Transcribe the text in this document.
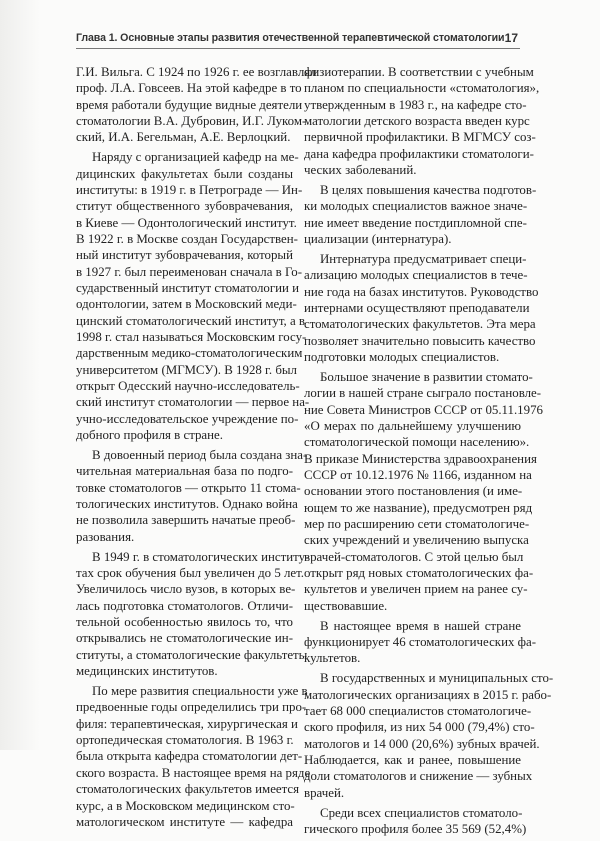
Глава 1. Основные этапы развития отечественной терапевтической стоматологии 17
Г.И. Вильга. С 1924 по 1926 г. ее возглавлял
проф. Л.А. Говсеев. На этой кафедре в то
время работали будущие видные деятели
стоматологии В.А. Дубровин, И.Г. Луком-
ский, И.А. Бегельман, А.Е. Верлоцкий.
Наряду с организацией кафедр на ме-
дицинских факультетах были созданы
институты: в 1919 г. в Петрограде — Ин-
ститут общественного зубоврачевания,
в Киеве — Одонтологический институт.
В 1922 г. в Москве создан Государствен-
ный институт зубоврачевания, который
в 1927 г. был переименован сначала в Го-
сударственный институт стоматологии и
одонтологии, затем в Московский меди-
цинский стоматологический институт, а в
1998 г. стал называться Московским госу-
дарственным медико-стоматологическим
университетом (МГМСУ). В 1928 г. был
открыт Одесский научно-исследователь-
ский институт стоматологии — первое на-
учно-исследовательское учреждение по-
добного профиля в стране.
В довоенный период была создана зна-
чительная материальная база по подго-
товке стоматологов — открыто 11 стома-
тологических институтов. Однако война
не позволила завершить начатые преоб-
разования.
В 1949 г. в стоматологических институ-
тах срок обучения был увеличен до 5 лет.
Увеличилось число вузов, в которых ве-
лась подготовка стоматологов. Отличи-
тельной особенностью явилось то, что
открывались не стоматологические ин-
ституты, а стоматологические факультеты
медицинских институтов.
По мере развития специальности уже в
предвоенные годы определились три про-
филя: терапевтическая, хирургическая и
ортопедическая стоматология. В 1963 г.
была открыта кафедра стоматологии дет-
ского возраста. В настоящее время на ряде
стоматологических факультетов имеется
курс, а в Московском медицинском сто-
матологическом институте — кафедра
физиотерапии. В соответствии с учебным
планом по специальности «стоматология»,
утвержденным в 1983 г., на кафедре сто-
матологии детского возраста введен курс
первичной профилактики. В МГМСУ соз-
дана кафедра профилактики стоматологи-
ческих заболеваний.
В целях повышения качества подготов-
ки молодых специалистов важное значе-
ние имеет введение постдипломной спе-
циализации (интернатура).
Интернатура предусматривает специ-
ализацию молодых специалистов в тече-
ние года на базах институтов. Руководство
интернами осуществляют преподаватели
стоматологических факультетов. Эта мера
позволяет значительно повысить качество
подготовки молодых специалистов.
Большое значение в развитии стомато-
логии в нашей стране сыграло постановле-
ние Совета Министров СССР от 05.11.1976
«О мерах по дальнейшему улучшению
стоматологической помощи населению».
В приказе Министерства здравоохранения
СССР от 10.12.1976 № 1166, изданном на
основании этого постановления (и име-
ющем то же название), предусмотрен ряд
мер по расширению сети стоматологиче-
ских учреждений и увеличению выпуска
врачей-стоматологов. С этой целью был
открыт ряд новых стоматологических фа-
культетов и увеличен прием на ранее су-
ществовавшие.
В настоящее время в нашей стране
функционирует 46 стоматологических фа-
культетов.
В государственных и муниципальных сто-
матологических организациях в 2015 г. рабо-
тает 68 000 специалистов стоматологиче-
ского профиля, из них 54 000 (79,4%) сто-
матологов и 14 000 (20,6%) зубных врачей.
Наблюдается, как и ранее, повышение
доли стоматологов и снижение — зубных
врачей.
Среди всех специалистов стоматоло-
гического профиля более 35 569 (52,4%)
